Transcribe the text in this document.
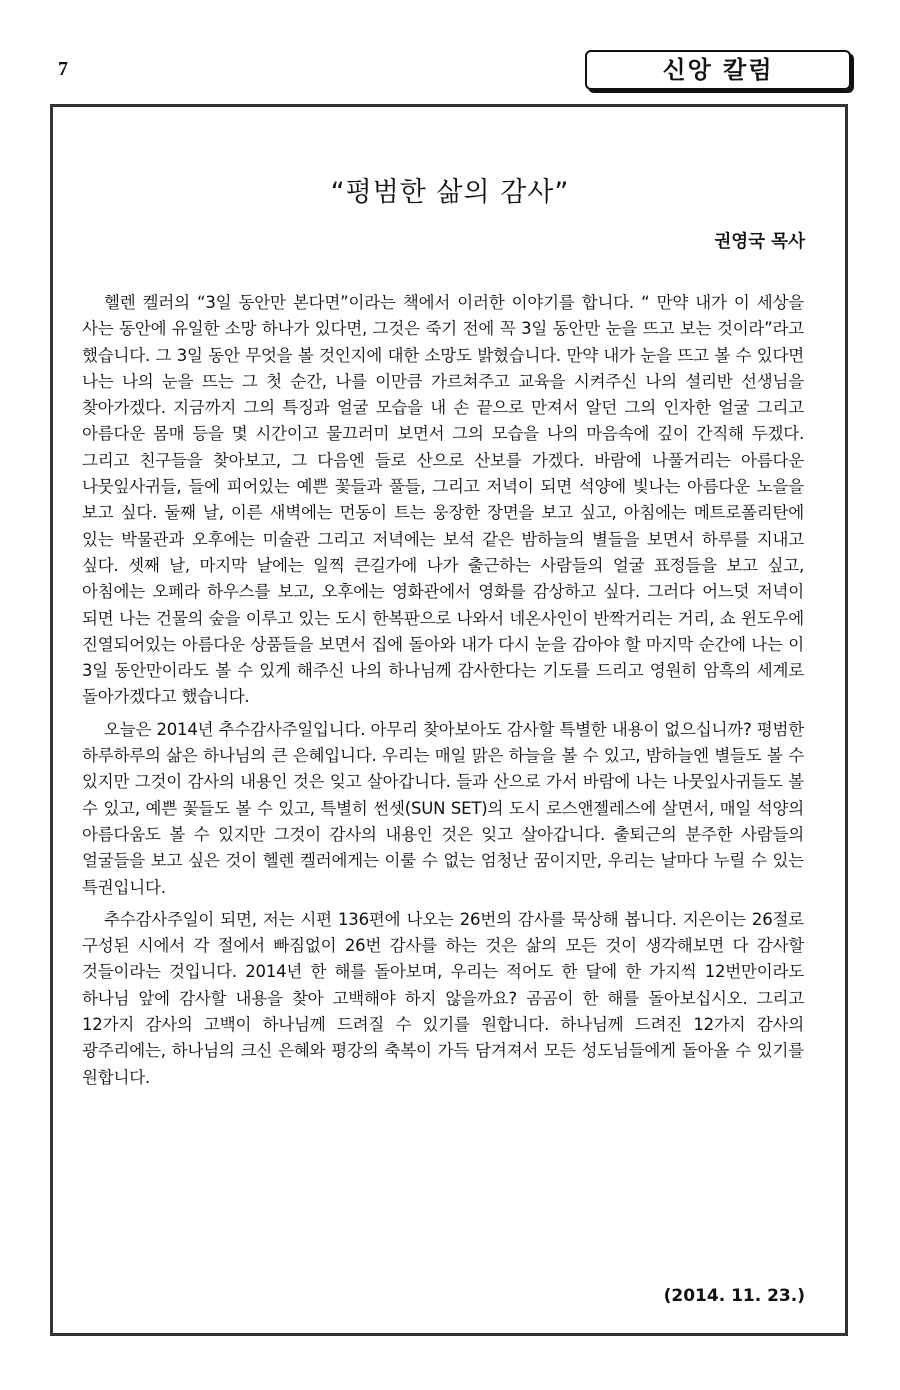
7	신앙 칼럼
“평범한 삶의 감사”
권영국 목사

헬렌 켈러의 “3일 동안만 본다면”이라는 책에서 이러한 이야기를 합니다. “ 만약 내가 이 세상을 사는 동안에 유일한 소망 하나가 있다면, 그것은 죽기 전에 꼭 3일 동안만 눈을 뜨고 보는 것이라”라고 했습니다. 그 3일 동안 무엇을 볼 것인지에 대한 소망도 밝혔습니다. 만약 내가 눈을 뜨고 볼 수 있다면 나는 나의 눈을 뜨는 그 첫 순간, 나를 이만큼 가르쳐주고 교육을 시켜주신 나의 셜리반 선생님을 찾아가겠다. 지금까지 그의 특징과 얼굴 모습을 내 손 끝으로 만져서 알던 그의 인자한 얼굴 그리고 아름다운 몸매 등을 몇 시간이고 물끄러미 보면서 그의 모습을 나의 마음속에 깊이 간직해 두겠다. 그리고 친구들을 찾아보고, 그 다음엔 들로 산으로 산보를 가겠다. 바람에 나풀거리는 아름다운 나뭇잎사귀들, 들에 피어있는 예쁜 꽃들과 풀들, 그리고 저녁이 되면 석양에 빛나는 아름다운 노을을 보고 싶다. 둘째 날, 이른 새벽에는 먼동이 트는 웅장한 장면을 보고 싶고, 아침에는 메트로폴리탄에 있는 박물관과 오후에는 미술관 그리고 저녁에는 보석 같은 밤하늘의 별들을 보면서 하루를 지내고 싶다. 셋째 날, 마지막 날에는 일찍 큰길가에 나가 출근하는 사람들의 얼굴 표정들을 보고 싶고, 아침에는 오페라 하우스를 보고, 오후에는 영화관에서 영화를 감상하고 싶다. 그러다 어느덧 저녁이 되면 나는 건물의 숲을 이루고 있는 도시 한복판으로 나와서 네온사인이 반짝거리는 거리, 쇼 윈도우에 진열되어있는 아름다운 상품들을 보면서 집에 돌아와 내가 다시 눈을 감아야 할 마지막 순간에 나는 이 3일 동안만이라도 볼 수 있게 해주신 나의 하나님께 감사한다는 기도를 드리고 영원히 암흑의 세계로 돌아가겠다고 했습니다.

오늘은 2014년 추수감사주일입니다. 아무리 찾아보아도 감사할 특별한 내용이 없으십니까? 평범한 하루하루의 삶은 하나님의 큰 은혜입니다. 우리는 매일 맑은 하늘을 볼 수 있고, 밤하늘엔 별들도 볼 수 있지만 그것이 감사의 내용인 것은 잊고 살아갑니다. 들과 산으로 가서 바람에 나는 나뭇잎사귀들도 볼 수 있고, 예쁜 꽃들도 볼 수 있고, 특별히 썬셋(SUN SET)의 도시 로스앤젤레스에 살면서, 매일 석양의 아름다움도 볼 수 있지만 그것이 감사의 내용인 것은 잊고 살아갑니다. 출퇴근의 분주한 사람들의 얼굴들을 보고 싶은 것이 헬렌 켈러에게는 이룰 수 없는 엄청난 꿈이지만, 우리는 날마다 누릴 수 있는 특권입니다.

추수감사주일이 되면, 저는 시편 136편에 나오는 26번의 감사를 묵상해 봅니다. 지은이는 26절로 구성된 시에서 각 절에서 빠짐없이 26번 감사를 하는 것은 삶의 모든 것이 생각해보면 다 감사할 것들이라는 것입니다. 2014년 한 해를 돌아보며, 우리는 적어도 한 달에 한 가지씩 12번만이라도 하나님 앞에 감사할 내용을 찾아 고백해야 하지 않을까요? 곰곰이 한 해를 돌아보십시오. 그리고 12가지 감사의 고백이 하나님께 드려질 수 있기를 원합니다. 하나님께 드려진 12가지 감사의 광주리에는, 하나님의 크신 은혜와 평강의 축복이 가득 담겨져서 모든 성도님들에게 돌아올 수 있기를 원합니다.

(2014. 11. 23.)
